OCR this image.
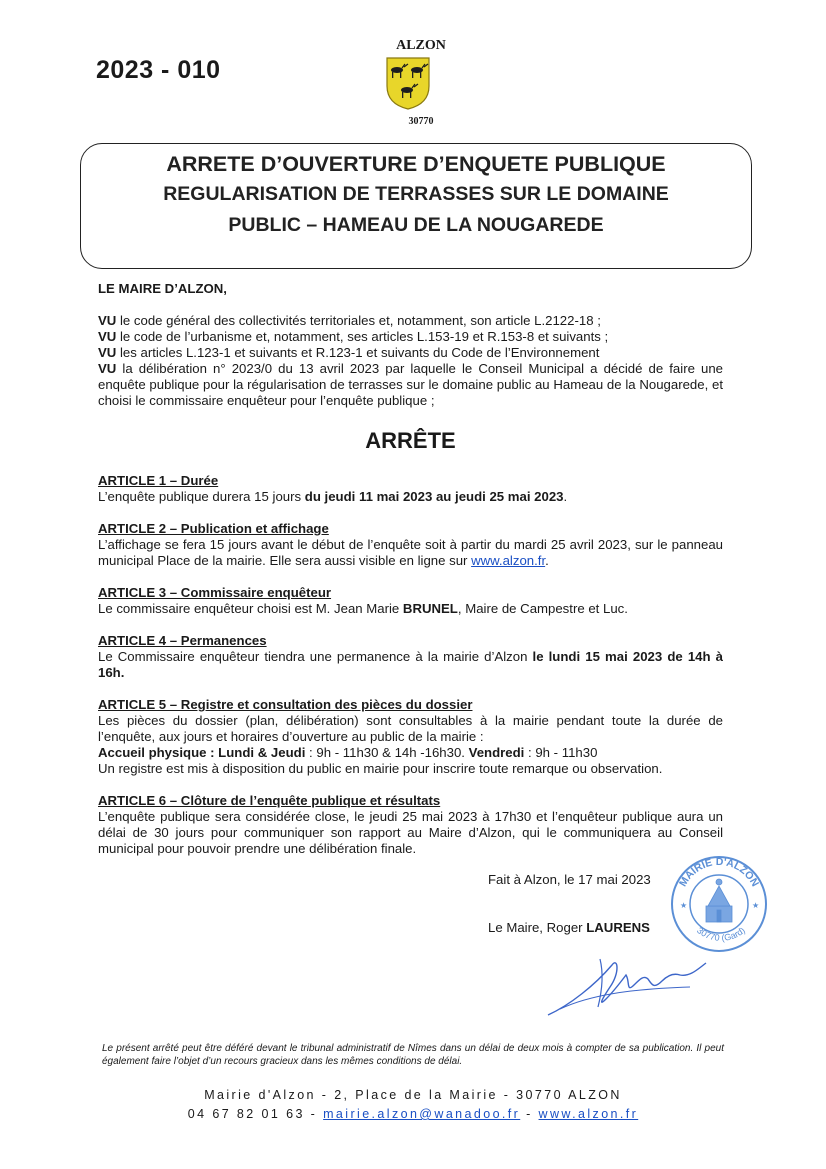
2023 - 010
ALZON
30770
ARRETE D’OUVERTURE D’ENQUETE PUBLIQUE
REGULARISATION DE TERRASSES SUR LE DOMAINE
PUBLIC – HAMEAU DE LA NOUGAREDE
LE MAIRE D’ALZON,
VU le code général des collectivités territoriales et, notamment, son article L.2122-18 ;
VU le code de l’urbanisme et, notamment, ses articles L.153-19 et R.153-8 et suivants ;
VU les articles L.123-1 et suivants et R.123-1 et suivants du Code de l’Environnement
VU la délibération n° 2023/0 du 13 avril 2023 par laquelle le Conseil Municipal a décidé de faire une enquête publique pour la régularisation de terrasses sur le domaine public au Hameau de la Nougarede, et choisi le commissaire enquêteur pour l’enquête publique ;
ARRÊTE
ARTICLE 1 – Durée
L’enquête publique durera 15 jours du jeudi 11 mai 2023 au jeudi 25 mai 2023.
ARTICLE 2 – Publication et affichage
L’affichage se fera 15 jours avant le début de l’enquête soit à partir du mardi 25 avril 2023, sur le panneau municipal Place de la mairie. Elle sera aussi visible en ligne sur www.alzon.fr.
ARTICLE 3 – Commissaire enquêteur
Le commissaire enquêteur choisi est M. Jean Marie BRUNEL, Maire de Campestre et Luc.
ARTICLE 4 – Permanences
Le Commissaire enquêteur tiendra une permanence à la mairie d’Alzon le lundi 15 mai 2023 de 14h à 16h.
ARTICLE 5 – Registre et consultation des pièces du dossier
Les pièces du dossier (plan, délibération) sont consultables à la mairie pendant toute la durée de l’enquête, aux jours et horaires d’ouverture au public de la mairie :
Accueil physique : Lundi & Jeudi : 9h - 11h30 & 14h -16h30. Vendredi : 9h - 11h30
Un registre est mis à disposition du public en mairie pour inscrire toute remarque ou observation.
ARTICLE 6 – Clôture de l’enquête publique et résultats
L’enquête publique sera considérée close, le jeudi 25 mai 2023 à 17h30 et l’enquêteur publique aura un délai de 30 jours pour communiquer son rapport au Maire d’Alzon, qui le communiquera au Conseil municipal pour pouvoir prendre une délibération finale.
Fait à Alzon, le 17 mai 2023
Le Maire, Roger LAURENS
MAIRIE D'ALZON
30770 (Gard)
★	★
Le présent arrêté peut être déféré devant le tribunal administratif de Nîmes dans un délai de deux mois à compter de sa publication. Il peut également faire l’objet d’un recours gracieux dans les mêmes conditions de délai.
Mairie d'Alzon - 2, Place de la Mairie - 30770 ALZON
04 67 82 01 63 - mairie.alzon@wanadoo.fr - www.alzon.fr
